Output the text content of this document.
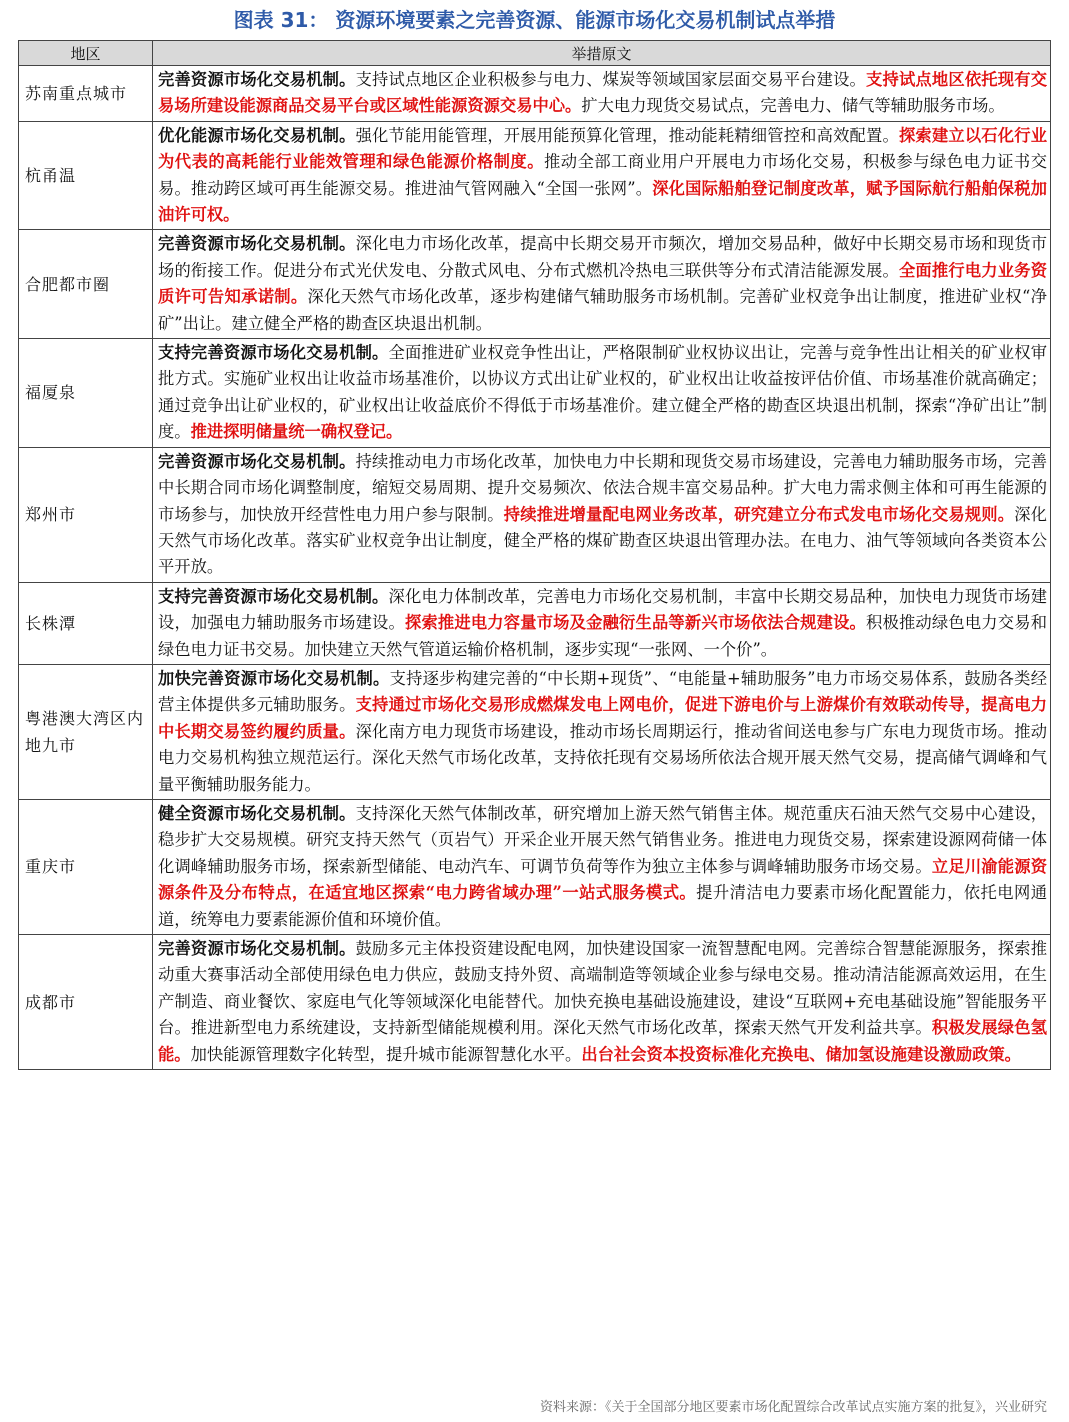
图表 31： 资源环境要素之完善资源、能源市场化交易机制试点举措
地区	举措原文
苏南重点城市	完善资源市场化交易机制。支持试点地区企业积极参与电力、煤炭等领域国家层面交易平台建设。支持试点地区依托现有交易场所建设能源商品交易平台或区域性能源资源交易中心。扩大电力现货交易试点，完善电力、储气等辅助服务市场。
杭甬温	优化能源市场化交易机制。强化节能用能管理，开展用能预算化管理，推动能耗精细管控和高效配置。探索建立以石化行业为代表的高耗能行业能效管理和绿色能源价格制度。推动全部工商业用户开展电力市场化交易，积极参与绿色电力证书交易。推动跨区域可再生能源交易。推进油气管网融入“全国一张网”。深化国际船舶登记制度改革，赋予国际航行船舶保税加油许可权。
合肥都市圈	完善资源市场化交易机制。深化电力市场化改革，提高中长期交易开市频次，增加交易品种，做好中长期交易市场和现货市场的衔接工作。促进分布式光伏发电、分散式风电、分布式燃机冷热电三联供等分布式清洁能源发展。全面推行电力业务资质许可告知承诺制。深化天然气市场化改革，逐步构建储气辅助服务市场机制。完善矿业权竞争出让制度，推进矿业权“净矿”出让。建立健全严格的勘查区块退出机制。
福厦泉	支持完善资源市场化交易机制。全面推进矿业权竞争性出让，严格限制矿业权协议出让，完善与竞争性出让相关的矿业权审批方式。实施矿业权出让收益市场基准价，以协议方式出让矿业权的，矿业权出让收益按评估价值、市场基准价就高确定；通过竞争出让矿业权的，矿业权出让收益底价不得低于市场基准价。建立健全严格的勘查区块退出机制，探索“净矿出让”制度。推进探明储量统一确权登记。
郑州市	完善资源市场化交易机制。持续推动电力市场化改革，加快电力中长期和现货交易市场建设，完善电力辅助服务市场，完善中长期合同市场化调整制度，缩短交易周期、提升交易频次、依法合规丰富交易品种。扩大电力需求侧主体和可再生能源的市场参与，加快放开经营性电力用户参与限制。持续推进增量配电网业务改革，研究建立分布式发电市场化交易规则。深化天然气市场化改革。落实矿业权竞争出让制度，健全严格的煤矿勘查区块退出管理办法。在电力、油气等领域向各类资本公平开放。
长株潭	支持完善资源市场化交易机制。深化电力体制改革，完善电力市场化交易机制，丰富中长期交易品种，加快电力现货市场建设，加强电力辅助服务市场建设。探索推进电力容量市场及金融衍生品等新兴市场依法合规建设。积极推动绿色电力交易和绿色电力证书交易。加快建立天然气管道运输价格机制，逐步实现“一张网、一个价”。
粤港澳大湾区内地九市	加快完善资源市场化交易机制。支持逐步构建完善的“中长期+现货”、“电能量+辅助服务”电力市场交易体系，鼓励各类经营主体提供多元辅助服务。支持通过市场化交易形成燃煤发电上网电价，促进下游电价与上游煤价有效联动传导，提高电力中长期交易签约履约质量。深化南方电力现货市场建设，推动市场长周期运行，推动省间送电参与广东电力现货市场。推动电力交易机构独立规范运行。深化天然气市场化改革，支持依托现有交易场所依法合规开展天然气交易，提高储气调峰和气量平衡辅助服务能力。
重庆市	健全资源市场化交易机制。支持深化天然气体制改革，研究增加上游天然气销售主体。规范重庆石油天然气交易中心建设，稳步扩大交易规模。研究支持天然气（页岩气）开采企业开展天然气销售业务。推进电力现货交易，探索建设源网荷储一体化调峰辅助服务市场，探索新型储能、电动汽车、可调节负荷等作为独立主体参与调峰辅助服务市场交易。立足川渝能源资源条件及分布特点，在适宜地区探索“电力跨省域办理”一站式服务模式。提升清洁电力要素市场化配置能力，依托电网通道，统筹电力要素能源价值和环境价值。
成都市	完善资源市场化交易机制。鼓励多元主体投资建设配电网，加快建设国家一流智慧配电网。完善综合智慧能源服务，探索推动重大赛事活动全部使用绿色电力供应，鼓励支持外贸、高端制造等领域企业参与绿电交易。推动清洁能源高效运用，在生产制造、商业餐饮、家庭电气化等领域深化电能替代。加快充换电基础设施建设，建设“互联网+充电基础设施”智能服务平台。推进新型电力系统建设，支持新型储能规模利用。深化天然气市场化改革，探索天然气开发利益共享。积极发展绿色氢能。加快能源管理数字化转型，提升城市能源智慧化水平。出台社会资本投资标准化充换电、储加氢设施建设激励政策。
资料来源：《关于全国部分地区要素市场化配置综合改革试点实施方案的批复》，兴业研究
